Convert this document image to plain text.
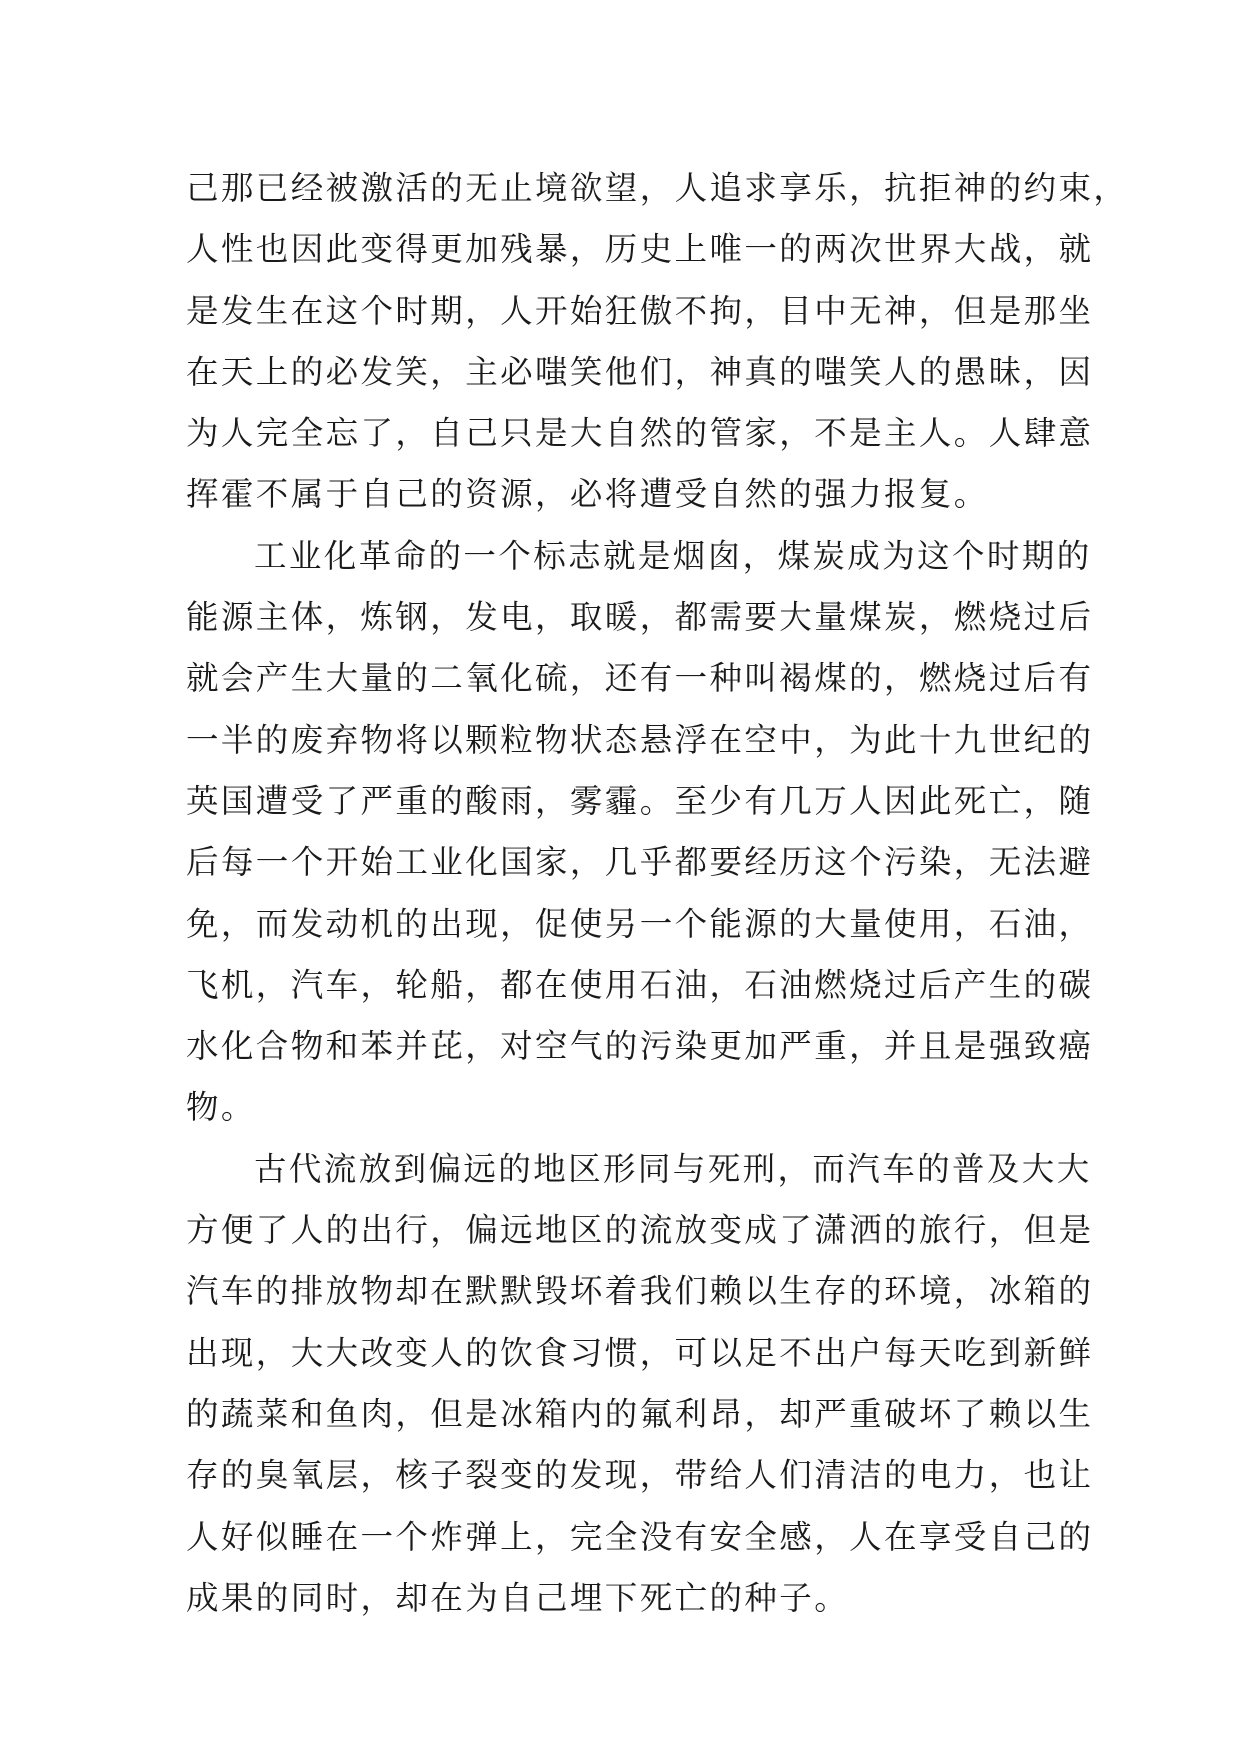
己那已经被激活的无止境欲望，人追求享乐，抗拒神的约束，
人性也因此变得更加残暴，历史上唯一的两次世界大战，就
是发生在这个时期，人开始狂傲不拘，目中无神，但是那坐
在天上的必发笑，主必嗤笑他们，神真的嗤笑人的愚昧，因
为人完全忘了，自己只是大自然的管家，不是主人。人肆意
挥霍不属于自己的资源，必将遭受自然的强力报复。
工业化革命的一个标志就是烟囱，煤炭成为这个时期的
能源主体，炼钢，发电，取暖，都需要大量煤炭，燃烧过后
就会产生大量的二氧化硫，还有一种叫褐煤的，燃烧过后有
一半的废弃物将以颗粒物状态悬浮在空中，为此十九世纪的
英国遭受了严重的酸雨，雾霾。至少有几万人因此死亡，随
后每一个开始工业化国家，几乎都要经历这个污染，无法避
免，而发动机的出现，促使另一个能源的大量使用，石油，
飞机，汽车，轮船，都在使用石油，石油燃烧过后产生的碳
水化合物和苯并芘，对空气的污染更加严重，并且是强致癌
物。
古代流放到偏远的地区形同与死刑，而汽车的普及大大
方便了人的出行，偏远地区的流放变成了潇洒的旅行，但是
汽车的排放物却在默默毁坏着我们赖以生存的环境，冰箱的
出现，大大改变人的饮食习惯，可以足不出户每天吃到新鲜
的蔬菜和鱼肉，但是冰箱内的氟利昂，却严重破坏了赖以生
存的臭氧层，核子裂变的发现，带给人们清洁的电力，也让
人好似睡在一个炸弹上，完全没有安全感，人在享受自己的
成果的同时，却在为自己埋下死亡的种子。
